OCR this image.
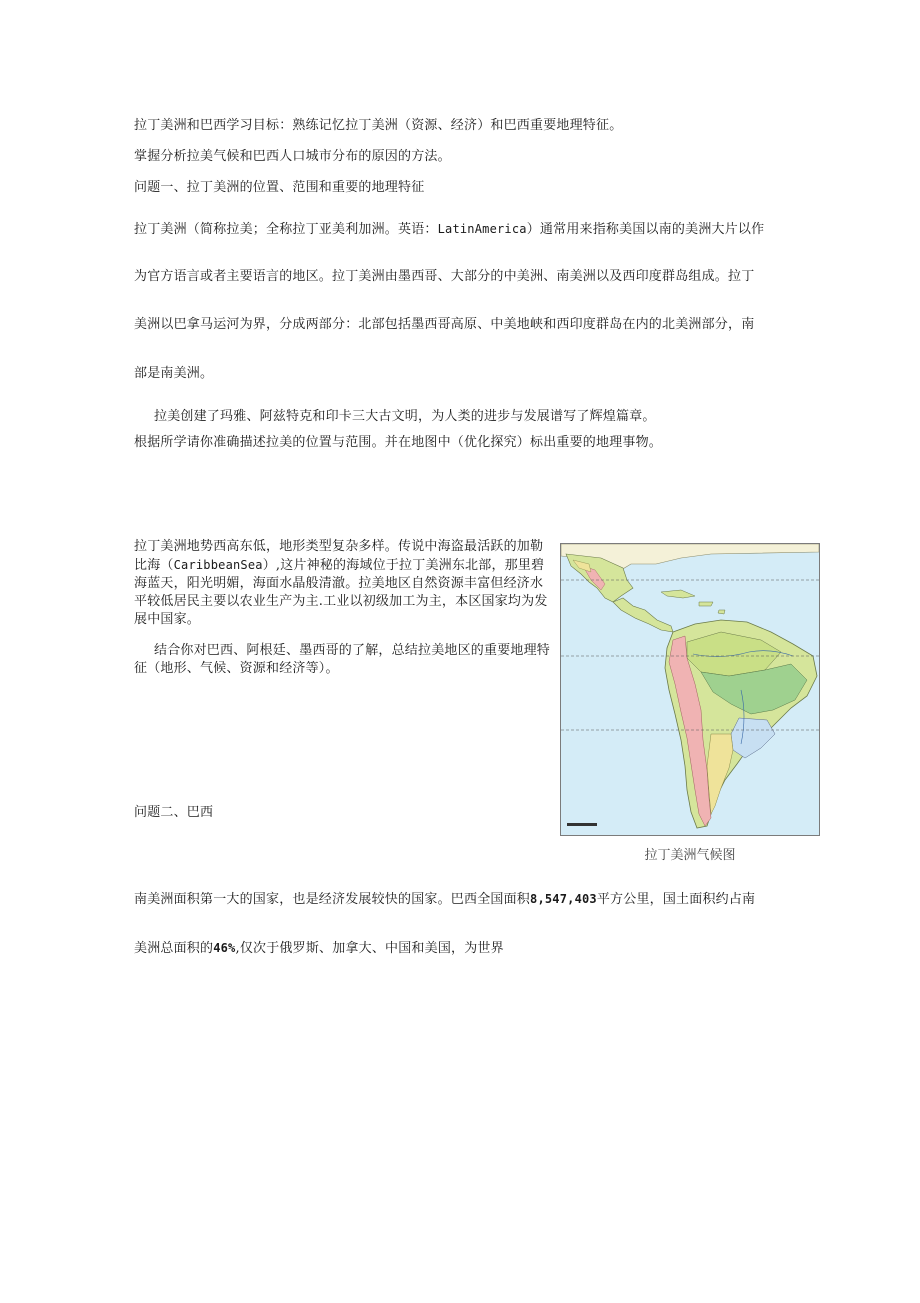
拉丁美洲和巴西学习目标：熟练记忆拉丁美洲（资源、经济）和巴西重要地理特征。
掌握分析拉美气候和巴西人口城市分布的原因的方法。
问题一、拉丁美洲的位置、范围和重要的地理特征
拉丁美洲（简称拉美；全称拉丁亚美利加洲。英语：LatinAmerica）通常用来指称美国以南的美洲大片以作
为官方语言或者主要语言的地区。拉丁美洲由墨西哥、大部分的中美洲、南美洲以及西印度群岛组成。拉丁
美洲以巴拿马运河为界，分成两部分：北部包括墨西哥高原、中美地峡和西印度群岛在内的北美洲部分，南
部是南美洲。
拉美创建了玛雅、阿兹特克和印卡三大古文明，为人类的进步与发展谱写了辉煌篇章。
根据所学请你准确描述拉美的位置与范围。并在地图中（优化探究）标出重要的地理事物。
拉丁美洲地势西高东低，地形类型复杂多样。传说中海盗最活跃的加勒比海（CaribbeanSea）,这片神秘的海域位于拉丁美洲东北部，那里碧海蓝天，阳光明媚，海面水晶般清澈。拉美地区自然资源丰富但经济水平较低居民主要以农业生产为主.工业以初级加工为主，本区国家均为发展中国家。
结合你对巴西、阿根廷、墨西哥的了解，总结拉美地区的重要地理特征（地形、气候、资源和经济等）。
问题二、巴西
南美洲面积第一大的国家，也是经济发展较快的国家。巴西全国面积8,547,403平方公里，国土面积约占南
美洲总面积的46%,仅次于俄罗斯、加拿大、中国和美国，为世界
拉丁美洲气候图
